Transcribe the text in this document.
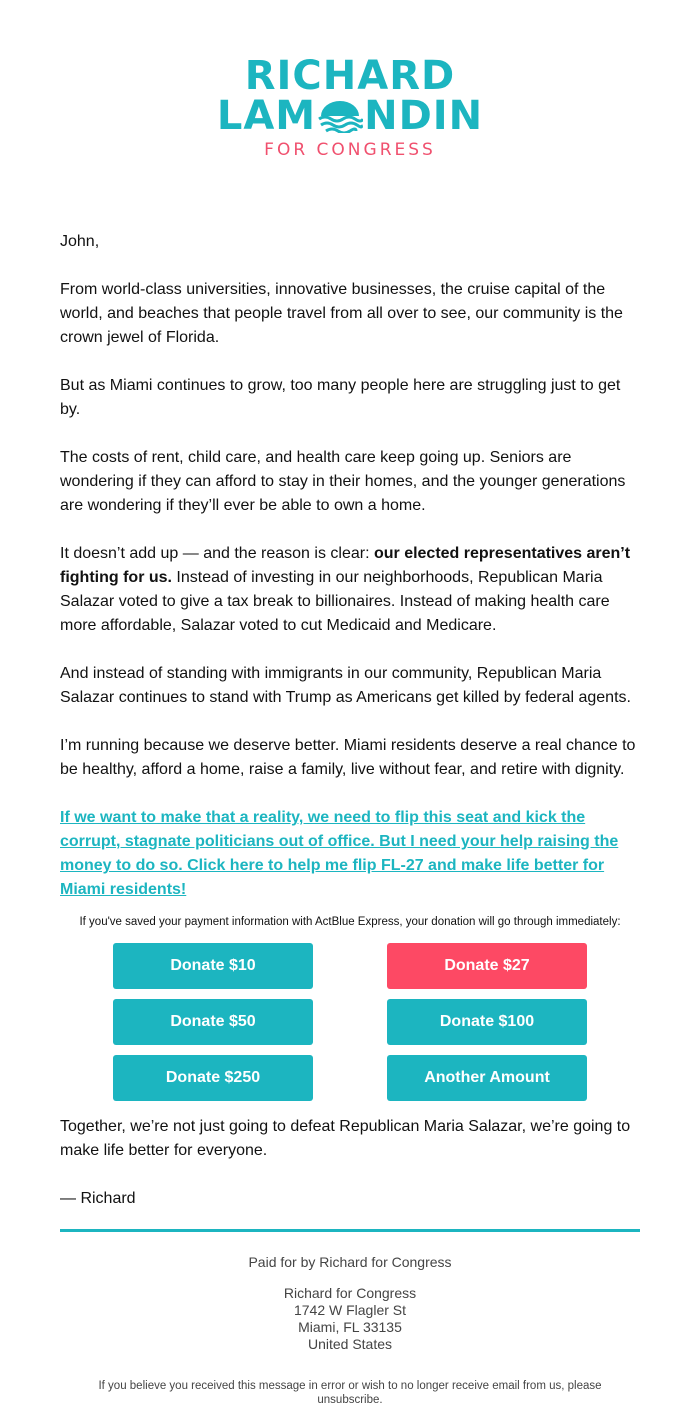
RICHARD
LAM NDIN
FOR CONGRESS

John,

From world-class universities, innovative businesses, the cruise capital of the world, and beaches that people travel from all over to see, our community is the crown jewel of Florida.

But as Miami continues to grow, too many people here are struggling just to get by.

The costs of rent, child care, and health care keep going up. Seniors are wondering if they can afford to stay in their homes, and the younger generations are wondering if they’ll ever be able to own a home.

It doesn’t add up — and the reason is clear: our elected representatives aren’t fighting for us. Instead of investing in our neighborhoods, Republican Maria Salazar voted to give a tax break to billionaires. Instead of making health care more affordable, Salazar voted to cut Medicaid and Medicare.

And instead of standing with immigrants in our community, Republican Maria Salazar continues to stand with Trump as Americans get killed by federal agents.

I’m running because we deserve better. Miami residents deserve a real chance to be healthy, afford a home, raise a family, live without fear, and retire with dignity.

If we want to make that a reality, we need to flip this seat and kick the corrupt, stagnate politicians out of office. But I need your help raising the money to do so. Click here to help me flip FL-27 and make life better for Miami residents!

If you've saved your payment information with ActBlue Express, your donation will go through immediately:
Donate $10	Donate $27
Donate $50	Donate $100
Donate $250	Another Amount

Together, we’re not just going to defeat Republican Maria Salazar, we’re going to make life better for everyone.

— Richard

Paid for by Richard for Congress
Richard for Congress
1742 W Flagler St
Miami, FL 33135
United States
If you believe you received this message in error or wish to no longer receive email from us, please unsubscribe.
